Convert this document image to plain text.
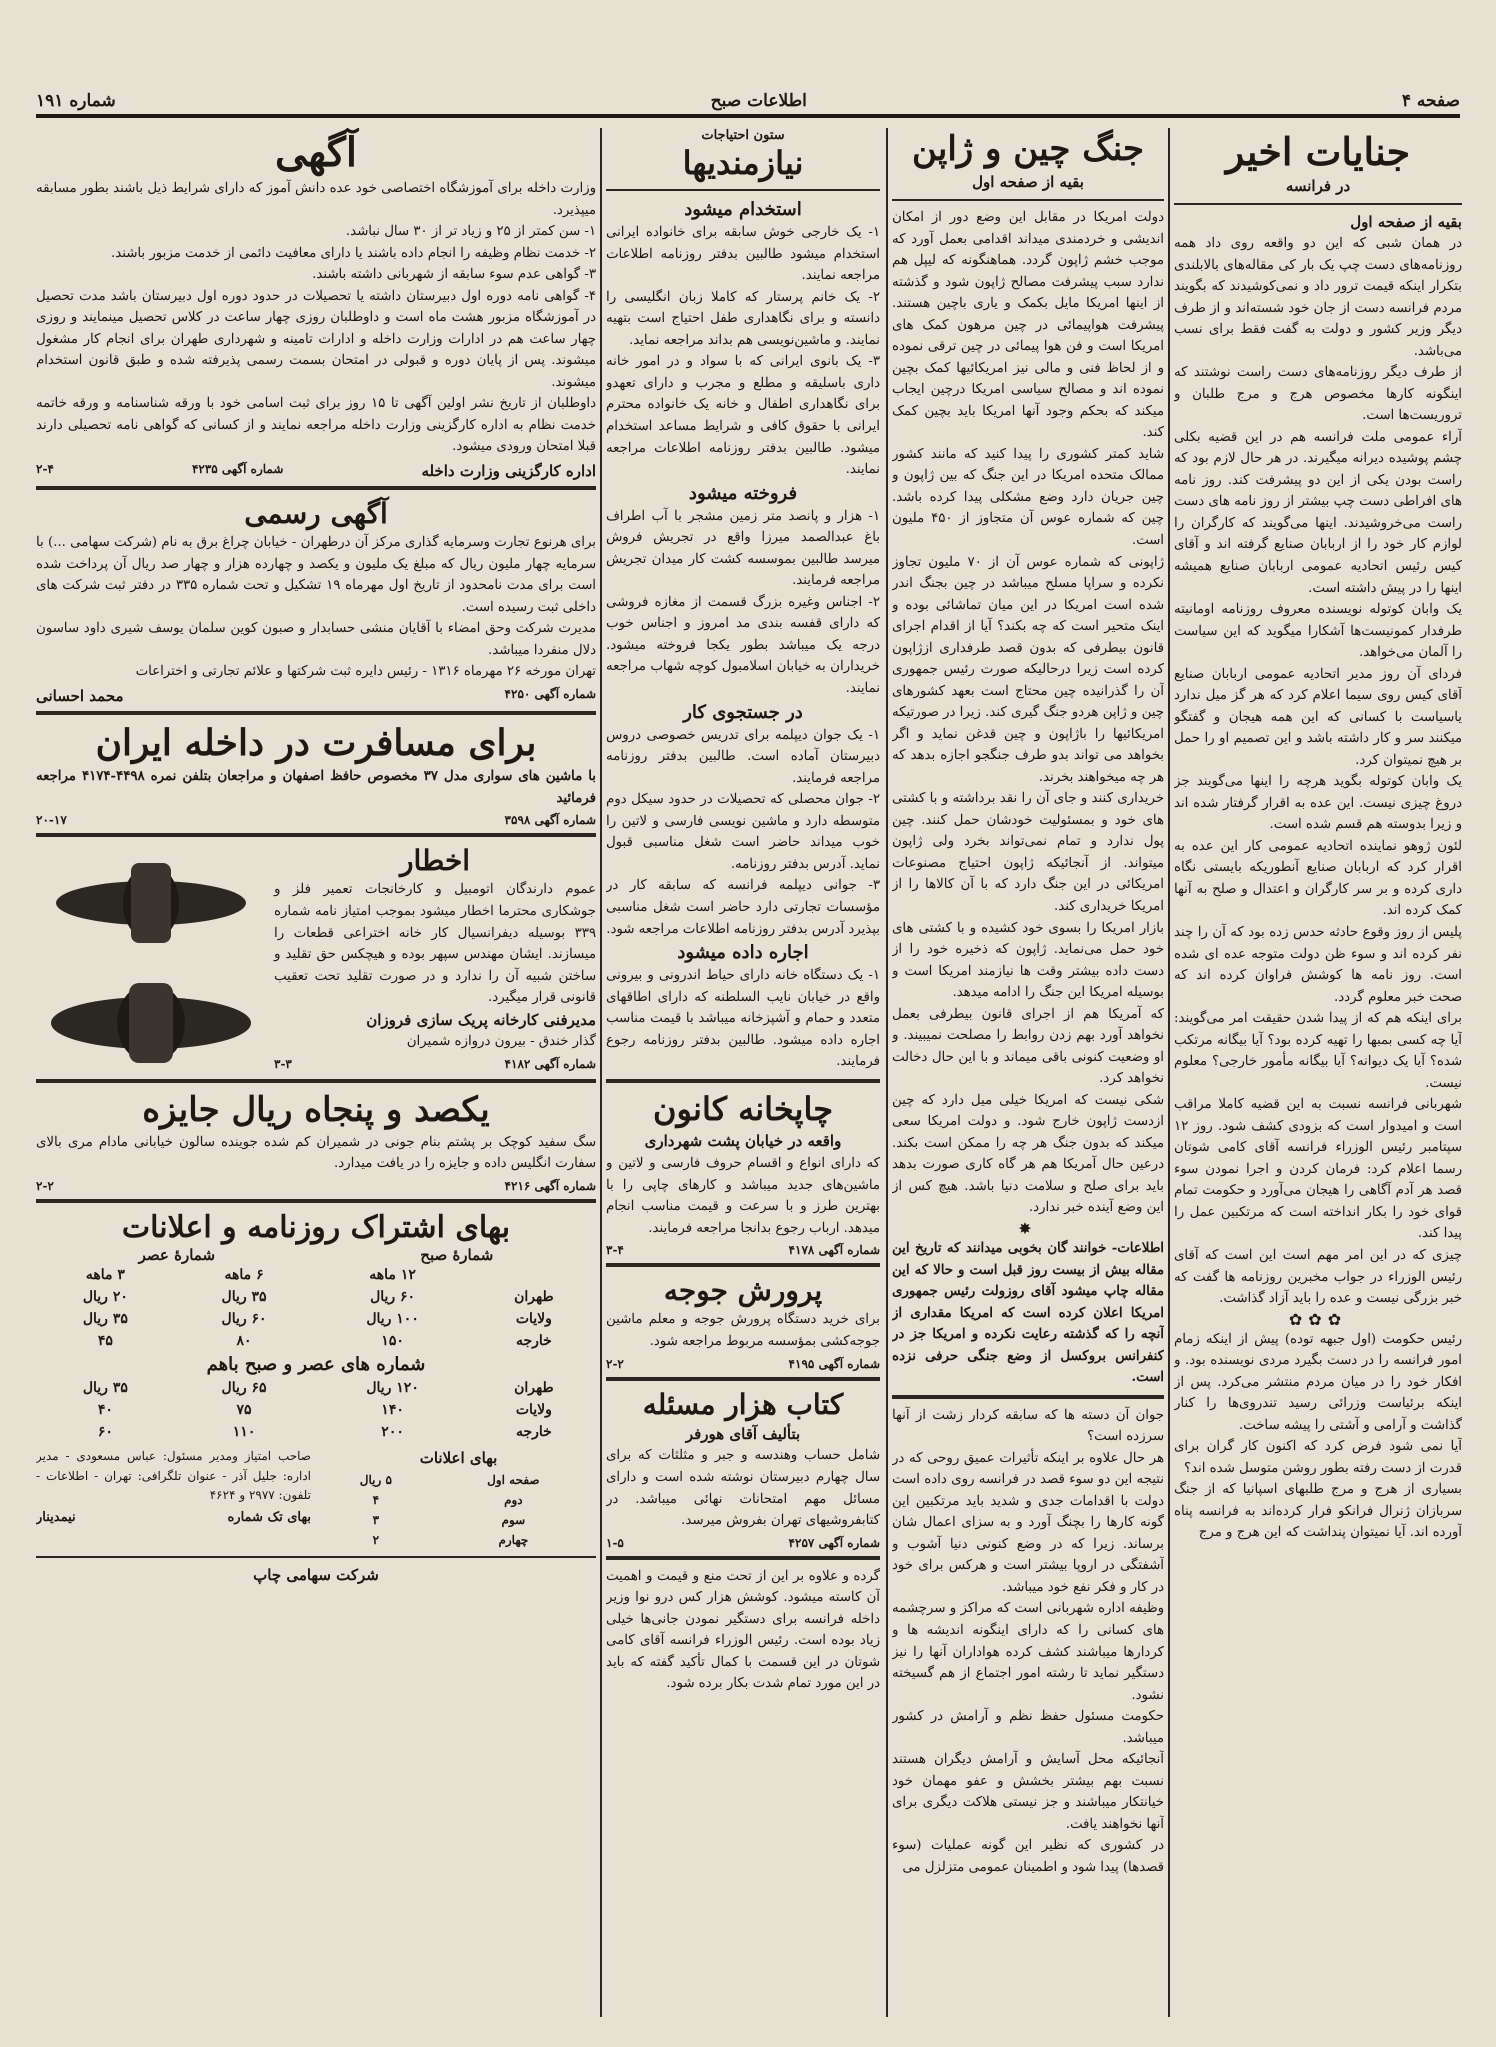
صفحه ۴
اطلاعات صبح
شماره ۱۹۱
جنایات اخیر
در فرانسه
بقیه از صفحه اول

در همان شبی که این دو واقعه روی داد همه روزنامه‌های دست چپ یک بار کی مقاله‌های بالابلندی بتکرار اینکه قیمت ترور داد و نمی‌کوشیدند که بگویند مردم فرانسه دست از جان خود شسته‌اند و از طرف دیگر وزیر کشور و دولت به گفت فقط برای نسب می‌باشد.

از طرف دیگر روزنامه‌های دست راست نوشتند که اینگونه کارها مخصوص هرج و مرج طلبان و تروریست‌ها است.

آراء عمومی ملت فرانسه هم در این قضیه بکلی چشم پوشیده دیرانه میگیرند. در هر حال لازم بود که راست بودن یکی از این دو پیشرفت کند. روز نامه های افراطی دست چپ بیشتر از روز نامه های دست راست می‌خروشیدند. اینها می‌گویند که کارگران را لوازم کار خود را از اربابان صنایع گرفته اند و آقای کیس رئیس اتحادیه عمومی اربابان صنایع همیشه اینها را در پیش داشته است.

یک وابان کوتوله نویسنده معروف روزنامه اومانیته طرفدار کمونیست‌ها آشکارا میگوید که این سیاست را آلمان می‌خواهد.

فردای آن روز مدیر اتحادیه عمومی اربابان صنایع آقای کیس روی سیما اعلام کرد که هر گز میل ندارد یاسیاست با کسانی که این همه هیجان و گفتگو میکنند سر و کار داشته باشد و این تصمیم او را حمل بر هیچ نمیتوان کرد.

یک وابان کوتوله بگوید هرچه را اینها می‌گویند جز دروغ چیزی نیست. این عده به اقرار گرفتار شده اند و زیرا بدوسته هم قسم شده است.

لئون ژوهو نماینده اتحادیه عمومی کار این عده به اقرار کرد که اربابان صنایع آنطوریکه بایستی نگاه داری کرده و بر سر کارگران و اعتدال و صلح به آنها کمک کرده اند.

پلیس از روز وقوع حادثه حدس زده بود که آن را چند نفر کرده اند و سوء ظن دولت متوجه عده ای شده است. روز نامه ها کوشش فراوان کرده اند که صحت خبر معلوم گردد.

برای اینکه هم که از پیدا شدن حقیقت امر می‌گویند: آیا چه کسی بمبها را تهیه کرده بود؟ آیا بیگانه مرتکب شده؟ آیا یک دیوانه؟ آیا بیگانه مأمور خارجی؟ معلوم نیست.

شهربانی فرانسه نسبت به این قضیه کاملا مراقب است و امیدوار است که بزودی کشف شود. روز ۱۲ سپتامبر رئیس الوزراء فرانسه آقای کامی شوتان رسما اعلام کرد: فرمان کردن و اجرا نمودن سوء قصد هر آدم آگاهی را هیجان می‌آورد و حکومت تمام قوای خود را بکار انداخته است که مرتکبین عمل را پیدا کند.

چیزی که در این امر مهم است این است که آقای رئیس الوزراء در جواب مخبرین روزنامه ها گفت که خبر بزرگی نیست و عده را باید آزاد گذاشت.

✿✿✿

رئیس حکومت (اول جبهه توده) پیش از اینکه زمام امور فرانسه را در دست بگیرد مردی نویسنده بود. و افکار خود را در میان مردم منتشر می‌کرد. پس از اینکه برئیاست وزرائی رسید تندروی‌ها را کنار گذاشت و آرامی و آشتی را پیشه ساخت.

آیا نمی شود فرض کرد که اکنون کار گران برای قدرت از دست رفته بطور روشن متوسل شده اند؟

بسیاری از هرج و مرج طلبهای اسپانیا که از جنگ سربازان ژنرال فرانکو فرار کرده‌اند به فرانسه پناه آورده اند. آیا نمیتوان پنداشت که این هرج و مرج

جنگ چین و ژاپن
بقیه از صفحه اول

دولت امریکا در مقابل این وضع دور از امکان اندیشی و خردمندی میداند اقدامی بعمل آورد که موجب خشم ژاپون گردد. هماهنگونه که لیپل هم ندارد سبب پیشرفت مصالح ژاپون شود و گذشته از اینها امریکا مایل بکمک و یاری باچین هستند. پیشرفت هواپیمائی در چین مرهون کمک های امریکا است و فن هوا پیمائی در چین ترقی نموده و از لحاظ فنی و مالی نیز امریکائیها کمک بچین نموده اند و مصالح سیاسی امریکا درچین ایجاب میکند که بحکم وجود آنها امریکا باید بچین کمک کند.

شاید کمتر کشوری را پیدا کنید که مانند کشور ممالک متحده امریکا در این جنگ که بین ژاپون و چین جریان دارد وضع مشکلی پیدا کرده باشد. چین که شماره عوس آن متجاوز از ۴۵۰ ملیون است.

ژاپونی که شماره عوس آن از ۷۰ ملیون تجاوز نکرده و سراپا مسلح میباشد در چین بجنگ اندر شده است امریکا در این میان تماشائی بوده و اینک متحیر است که چه بکند؟ آیا از اقدام اجرای قانون بیطرفی که بدون قصد طرفداری ازژاپون کرده است زیرا درحالیکه صورت رئیس جمهوری آن را گذرانیده چین محتاج است بعهد کشورهای چین و ژاپن هردو جنگ گیری کند. زیرا در صورتیکه امریکائیها را باژاپون و چین قدغن نماید و اگر بخواهد می تواند بدو طرف جنگجو اجازه بدهد که هر چه میخواهند بخرند.

خریداری کنند و جای آن را نقد برداشته و با کشتی های خود و بمسئولیت خودشان حمل کنند. چین پول ندارد و تمام نمی‌تواند بخرد ولی ژاپون میتواند. از آنجائیکه ژاپون احتیاج مصنوعات امریکائی در این جنگ دارد که با آن کالاها را از امریکا خریداری کند.

بازار امریکا را بسوی خود کشیده و با کشتی های خود حمل می‌نماید. ژاپون که ذخیره خود را از دست داده بیشتر وقت ها نیازمند امریکا است و بوسیله امریکا این جنگ را ادامه میدهد.

که آمریکا هم از اجرای قانون بیطرفی بعمل نخواهد آورد بهم زدن روابط را مصلحت نمیبیند. و او وضعیت کنونی باقی میماند و با این حال دخالت نخواهد کرد.

شکی نیست که امریکا خیلی میل دارد که چین ازدست ژاپون خارج شود. و دولت امریکا سعی میکند که بدون جنگ هر چه را ممکن است بکند. درعین حال آمریکا هم هر گاه کاری صورت بدهد باید برای صلح و سلامت دنیا باشد. هیچ کس از این وضع آینده خبر ندارد.

✸

اطلاعات- خوانند گان بخوبی میدانند که تاریخ این مقاله بیش از بیست روز قبل است و حالا که این مقاله چاپ میشود آقای روزولت رئیس جمهوری امریکا اعلان کرده است که امریکا مقداری از آنچه را که گذشته رعایت نکرده و امریکا جز در کنفرانس بروکسل از وضع جنگی حرفی نزده است.

جوان آن دسته ها که سابقه کردار زشت از آنها سرزده است؟

هر حال علاوه بر اینکه تأثیرات عمیق روحی که در نتیجه این دو سوء قصد در فرانسه روی داده است دولت با اقدامات جدی و شدید باید مرتکبین این گونه کارها را بچنگ آورد و به سزای اعمال شان برساند. زیرا که در وضع کنونی دنیا آشوب و آشفتگی در اروپا بیشتر است و هرکس برای خود در کار و فکر نفع خود میباشد.

وظیفه اداره شهربانی است که مراکز و سرچشمه های کسانی را که دارای اینگونه اندیشه ها و کردارها میباشند کشف کرده هواداران آنها را نیز دستگیر نماید تا رشته امور اجتماع از هم گسیخته نشود.

حکومت مسئول حفظ نظم و آرامش در کشور میباشد.

آنجائیکه محل آسایش و آرامش دیگران هستند نسبت بهم بیشتر بخشش و عفو مهمان خود خیانتکار میباشند و جز نیستی هلاکت دیگری برای آنها نخواهند یافت.

در کشوری که نظیر این گونه عملیات (سوء قصدها) پیدا شود و اطمینان عمومی متزلزل می

ستون احتیاجات
نیازمندیها
استخدام میشود

۱- یک خارجی خوش سابقه برای خانواده ایرانی استخدام میشود طالبین بدفتر روزنامه اطلاعات مراجعه نمایند.

۲- یک خانم پرستار که کاملا زبان انگلیسی را دانسته و برای نگاهداری طفل احتیاج است بتهیه نمایند. و ماشین‌نویسی هم بداند مراجعه نماید.

۳- یک بانوی ایرانی که با سواد و در امور خانه داری باسلیقه و مطلع و مجرب و دارای تعهدو برای نگاهداری اطفال و خانه یک خانواده محترم ایرانی با حقوق کافی و شرایط مساعد استخدام میشود. طالبین بدفتر روزنامه اطلاعات مراجعه نمایند.

فروخته میشود

۱- هزار و پانصد متر زمین مشجر با آب اطراف باغ عبدالصمد میرزا واقع در تجریش فروش میرسد طالبین بموسسه کشت کار میدان تجریش مراجعه فرمایند.

۲- اجناس وغیره بزرگ قسمت از مغازه فروشی که دارای قفسه بندی مد امروز و اجناس خوب درجه یک میباشد بطور یکجا فروخته میشود. خریداران به خیابان اسلامبول کوچه شهاب مراجعه نمایند.

در جستجوی کار

۱- یک جوان دیپلمه برای تدریس خصوصی دروس دبیرستان آماده است. طالبین بدفتر روزنامه مراجعه فرمایند.

۲- جوان محصلی که تحصیلات در حدود سیکل دوم متوسطه دارد و ماشین نویسی فارسی و لاتین را خوب میداند حاضر است شغل مناسبی قبول نماید. آدرس بدفتر روزنامه.

۳- جوانی دیپلمه فرانسه که سابقه کار در مؤسسات تجارتی دارد حاضر است شغل مناسبی بپذیرد آدرس بدفتر روزنامه اطلاعات مراجعه شود.

اجاره داده میشود

۱- یک دستگاه خانه دارای حیاط اندرونی و بیرونی واقع در خیابان نایب السلطنه که دارای اطاقهای متعدد و حمام و آشپزخانه میباشد با قیمت مناسب اجاره داده میشود. طالبین بدفتر روزنامه رجوع فرمایند.

چاپخانه کانون
واقعه در خیابان پشت شهرداری

که دارای انواع و اقسام حروف فارسی و لاتین و ماشین‌های جدید میباشد و کارهای چاپی را با بهترین طرز و با سرعت و قیمت مناسب انجام میدهد. ارباب رجوع بدانجا مراجعه فرمایند.

شماره آگهی ۴۱۷۸
۳-۴
پرورش جوجه

برای خرید دستگاه پرورش جوجه و معلم ماشین جوجه‌کشی بمؤسسه مربوط مراجعه شود.

شماره آگهی ۴۱۹۵
۲-۲
کتاب هزار مسئله
بتألیف آقای هورفر

شامل حساب وهندسه و جبر و مثلثات که برای سال چهارم دبیرستان نوشته شده است و دارای مسائل مهم امتحانات نهائی میباشد. در کتابفروشیهای تهران بفروش میرسد.

شماره آگهی ۴۲۵۷
۱-۵

گرده و علاوه بر این از تحت منع و قیمت و اهمیت آن کاسته میشود. کوشش هزار کس درو نوا وزیر داخله فرانسه برای دستگیر نمودن جانی‌ها خیلی زیاد بوده است. رئیس الوزراء فرانسه آقای کامی شوتان در این قسمت با کمال تأکید گفته که باید در این مورد تمام شدت بکار برده شود.

آگهی

وزارت داخله برای آموزشگاه اختصاصی خود عده دانش آموز که دارای شرایط ذیل باشند بطور مسابقه میپذیرد.

۱- سن کمتر از ۲۵ و زیاد تر از ۳۰ سال نباشد.

۲- خدمت نظام وظیفه را انجام داده باشند یا دارای معافیت دائمی از خدمت مزبور باشند.

۳- گواهی عدم سوء سابقه از شهربانی داشته باشند.

۴- گواهی نامه دوره اول دبیرستان داشته یا تحصیلات در حدود دوره اول دبیرستان باشد مدت تحصیل در آموزشگاه مزبور هشت ماه است و داوطلبان روزی چهار ساعت در کلاس تحصیل مینمایند و روزی چهار ساعت هم در ادارات وزارت داخله و ادارات تامینه و شهرداری طهران برای انجام کار مشغول میشوند. پس از پایان دوره و قبولی در امتحان بسمت رسمی پذیرفته شده و طبق قانون استخدام میشوند.

داوطلبان از تاریخ نشر اولین آگهی تا ۱۵ روز برای ثبت اسامی خود با ورقه شناسنامه و ورقه خاتمه خدمت نظام به اداره کارگزینی وزارت داخله مراجعه نمایند و از کسانی که گواهی نامه تحصیلی دارند قبلا امتحان ورودی میشود.

اداره کارگزینی وزارت داخله
شماره آگهی ۴۲۳۵
۲-۴
آگهی رسمی

برای هرنوع تجارت وسرمایه گذاری مرکز آن درطهران - خیابان چراغ برق به نام (شرکت سهامی ...) با سرمایه چهار ملیون ریال که مبلغ یک ملیون و یکصد و چهارده هزار و چهار صد ریال آن پرداخت شده است برای مدت نامحدود از تاریخ اول مهرماه ۱۹ تشکیل و تحت شماره ۳۳۵ در دفتر ثبت شرکت های داخلی ثبت رسیده است.

مدیرت شرکت وحق امضاء با آقایان منشی حسابدار و صبون کوین سلمان یوسف شیری داود ساسون دلال منفردا میباشد.

تهران مورخه ۲۶ مهرماه ۱۳۱۶ - رئیس دایره ثبت شرکتها و علائم تجارتی و اختراعات

شماره آگهی ۴۲۵۰
محمد احسانی
برای مسافرت در داخله ایران

با ماشین های سواری مدل ۳۷ مخصوص حافظ اصفهان و مراجعان بتلفن نمره ۴۴۹۸-۴۱۷۴ مراجعه فرمائید

شماره آگهی ۳۵۹۸
۲۰-۱۷
اخطار

عموم دارندگان اتومبیل و کارخانجات تعمیر فلز و جوشکاری محترما اخطار میشود بموجب امتیاز نامه شماره ۳۳۹ بوسیله دیفرانسیال کار خانه اختراعی قطعات را میسازند. ایشان مهندس سپهر بوده و هیچکس حق تقلید و ساختن شبیه آن را ندارد و در صورت تقلید تحت تعقیب قانونی قرار میگیرد.

مدیرفنی کارخانه پریک سازی فروزان

گذار خندق - بیرون دروازه شمیران

شماره آگهی ۴۱۸۲
۳-۳
یکصد و پنجاه ریال جایزه

سگ سفید کوچک بر پشتم بنام جونی در شمیران کم شده جوینده سالون خیابانی مادام مری بالای سفارت انگلیس داده و جایزه را در یافت میدارد.

شماره آگهی ۴۲۱۶
۲-۲
بهای اشتراک روزنامه و اعلانات
شمارهٔ صبح
شمارهٔ عصر
	۱۲ ماهه	۶ ماهه	۳ ماهه
طهران	۶۰ ریال	۳۵ ریال	۲۰ ریال
ولایات	۱۰۰ ریال	۶۰ ریال	۳۵ ریال
خارجه	۱۵۰	۸۰	۴۵
شماره های عصر و صبح باهم
طهران	۱۲۰ ریال	۶۵ ریال	۳۵ ریال
ولایات	۱۴۰	۷۵	۴۰
خارجه	۲۰۰	۱۱۰	۶۰
بهای اعلانات
صفحه اول	۵ ریال
دوم	۴
سوم	۳
چهارم	۲

صاحب امتیاز ومدیر مسئول: عباس مسعودی - مدیر اداره: جلیل آذر - عنوان تلگرافی: تهران - اطلاعات - تلفون: ۲۹۷۷ و ۴۶۲۴

بهای تک شماره
نیمدینار
شرکت سهامی چاپ
